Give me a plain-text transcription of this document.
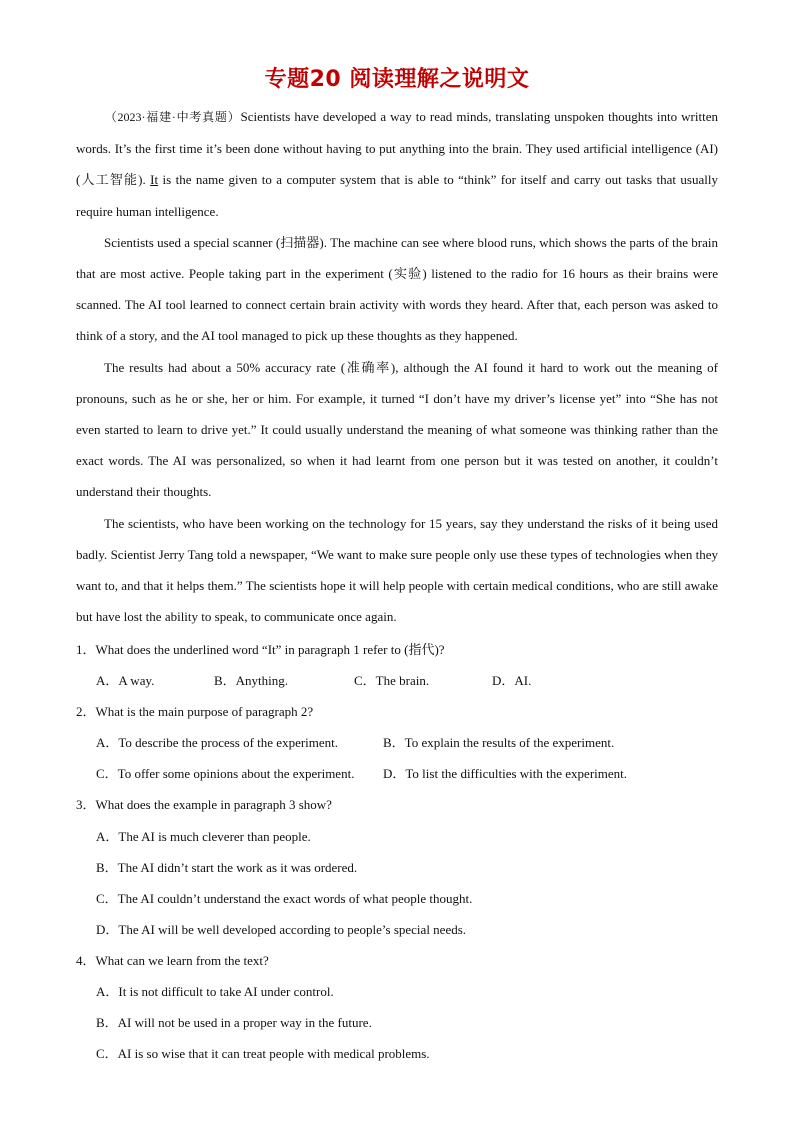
专题20 阅读理解之说明文

（2023·福建·中考真题）Scientists have developed a way to read minds, translating unspoken thoughts into written words. It’s the first time it’s been done without having to put anything into the brain. They used artificial intelligence (AI) (人工智能). It is the name given to a computer system that is able to “think” for itself and carry out tasks that usually require human intelligence.

Scientists used a special scanner (扫描器). The machine can see where blood runs, which shows the parts of the brain that are most active. People taking part in the experiment (实验) listened to the radio for 16 hours as their brains were scanned. The AI tool learned to connect certain brain activity with words they heard. After that, each person was asked to think of a story, and the AI tool managed to pick up these thoughts as they happened.

The results had about a 50% accuracy rate (准确率), although the AI found it hard to work out the meaning of pronouns, such as he or she, her or him. For example, it turned “I don’t have my driver’s license yet” into “She has not even started to learn to drive yet.” It could usually understand the meaning of what someone was thinking rather than the exact words. The AI was personalized, so when it had learnt from one person but it was tested on another, it couldn’t understand their thoughts.

The scientists, who have been working on the technology for 15 years, say they understand the risks of it being used badly. Scientist Jerry Tang told a newspaper, “We want to make sure people only use these types of technologies when they want to, and that it helps them.” The scientists hope it will help people with certain medical conditions, who are still awake but have lost the ability to speak, to communicate once again.

1．What does the underlined word “It” in paragraph 1 refer to (指代)?
A．A way.	B．Anything.	C．The brain.	D．AI.
2．What is the main purpose of paragraph 2?
A．To describe the process of the experiment.	B．To explain the results of the experiment.
C．To offer some opinions about the experiment. D．To list the difficulties with the experiment.
3．What does the example in paragraph 3 show?
A．The AI is much cleverer than people.
B．The AI didn’t start the work as it was ordered.
C．The AI couldn’t understand the exact words of what people thought.
D．The AI will be well developed according to people’s special needs.
4．What can we learn from the text?
A．It is not difficult to take AI under control.
B．AI will not be used in a proper way in the future.
C．AI is so wise that it can treat people with medical problems.
